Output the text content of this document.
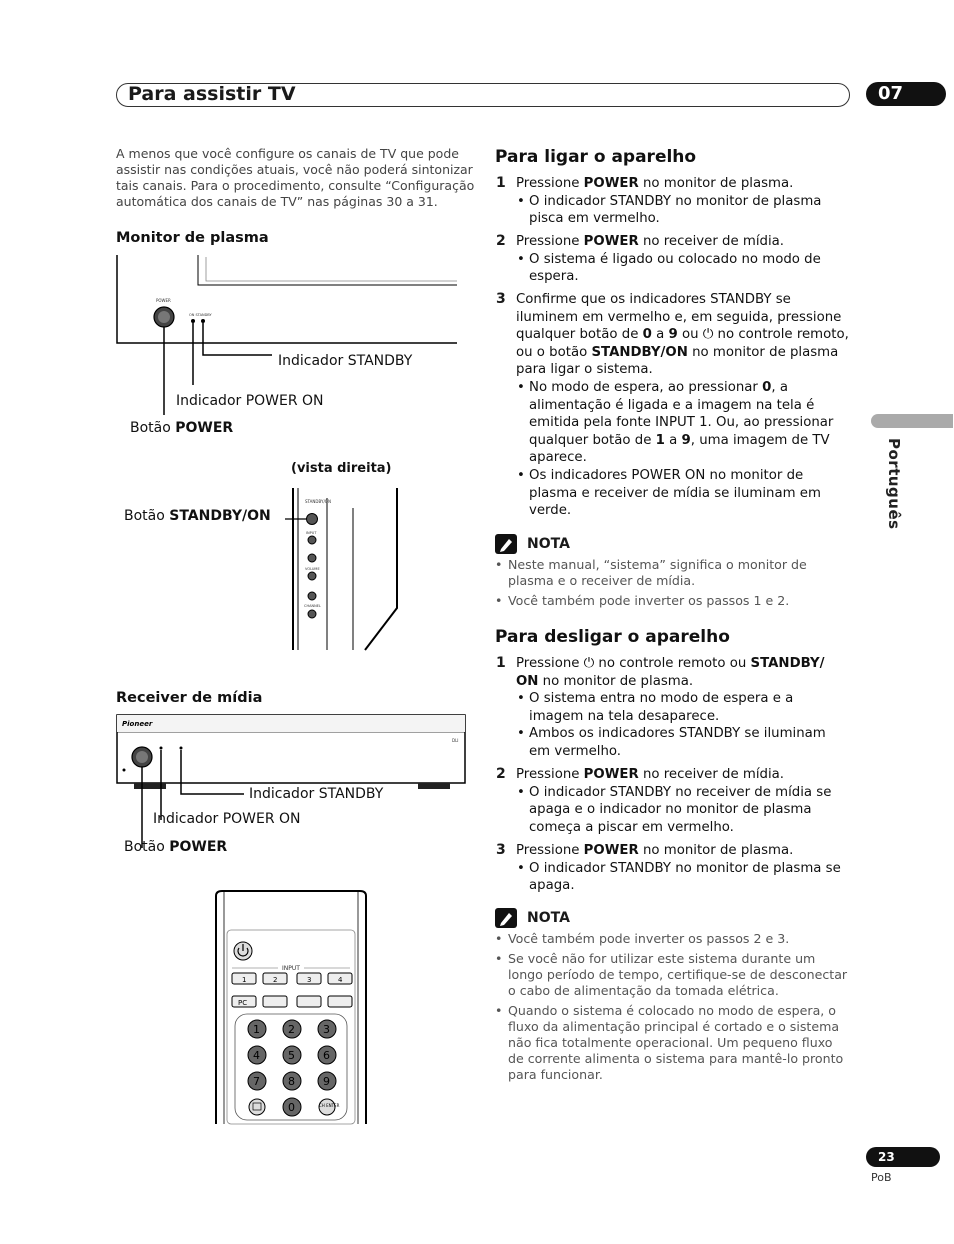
Para assistir TV	07
Português
A menos que você configure os canais de TV que pode assistir nas condições atuais, você não poderá sintonizar tais canais. Para o procedimento, consulte “Configuração automática dos canais de TV” nas páginas 30 a 31.
Monitor de plasma
POWER
ON STANDBY
Indicador STANDBY
Indicador POWER ON
Botão POWER
(vista direita)
STANDBY/ON
INPUT
VOLUME
CHANNEL
Botão STANDBY/ON
Receiver de mídia
Pioneer
DLI
Indicador STANDBY
Indicador POWER ON
Botão POWER
INPUT
1	2	3	4
PC
1	2	3
4	5	6
7	8	9
0	CH ENTER
Para ligar o aparelho
1 Pressione POWER no monitor de plasma.
• O indicador STANDBY no monitor de plasma pisca em vermelho.
2 Pressione POWER no receiver de mídia.
• O sistema é ligado ou colocado no modo de espera.
3 Confirme que os indicadores STANDBY se iluminem em vermelho e, em seguida, pressione qualquer botão de 0 a 9 ou ⏻ no controle remoto, ou o botão STANDBY/ON no monitor de plasma para ligar o sistema.
• No modo de espera, ao pressionar 0, a alimentação é ligada e a imagem na tela é emitida pela fonte INPUT 1. Ou, ao pressionar qualquer botão de 1 a 9, uma imagem de TV aparece.
• Os indicadores POWER ON no monitor de plasma e receiver de mídia se iluminam em verde.
NOTA
• Neste manual, “sistema” significa o monitor de plasma e o receiver de mídia.
• Você também pode inverter os passos 1 e 2.
Para desligar o aparelho
1 Pressione ⏻ no controle remoto ou STANDBY/ ON no monitor de plasma.
• O sistema entra no modo de espera e a imagem na tela desaparece.
• Ambos os indicadores STANDBY se iluminam em vermelho.
2 Pressione POWER no receiver de mídia.
• O indicador STANDBY no receiver de mídia se apaga e o indicador no monitor de plasma começa a piscar em vermelho.
3 Pressione POWER no monitor de plasma.
• O indicador STANDBY no monitor de plasma se apaga.
NOTA
• Você também pode inverter os passos 2 e 3.
• Se você não for utilizar este sistema durante um longo período de tempo, certifique-se de desconectar o cabo de alimentação da tomada elétrica.
• Quando o sistema é colocado no modo de espera, o fluxo da alimentação principal é cortado e o sistema não fica totalmente operacional. Um pequeno fluxo de corrente alimenta o sistema para mantê-lo pronto para funcionar.
23
PoB
